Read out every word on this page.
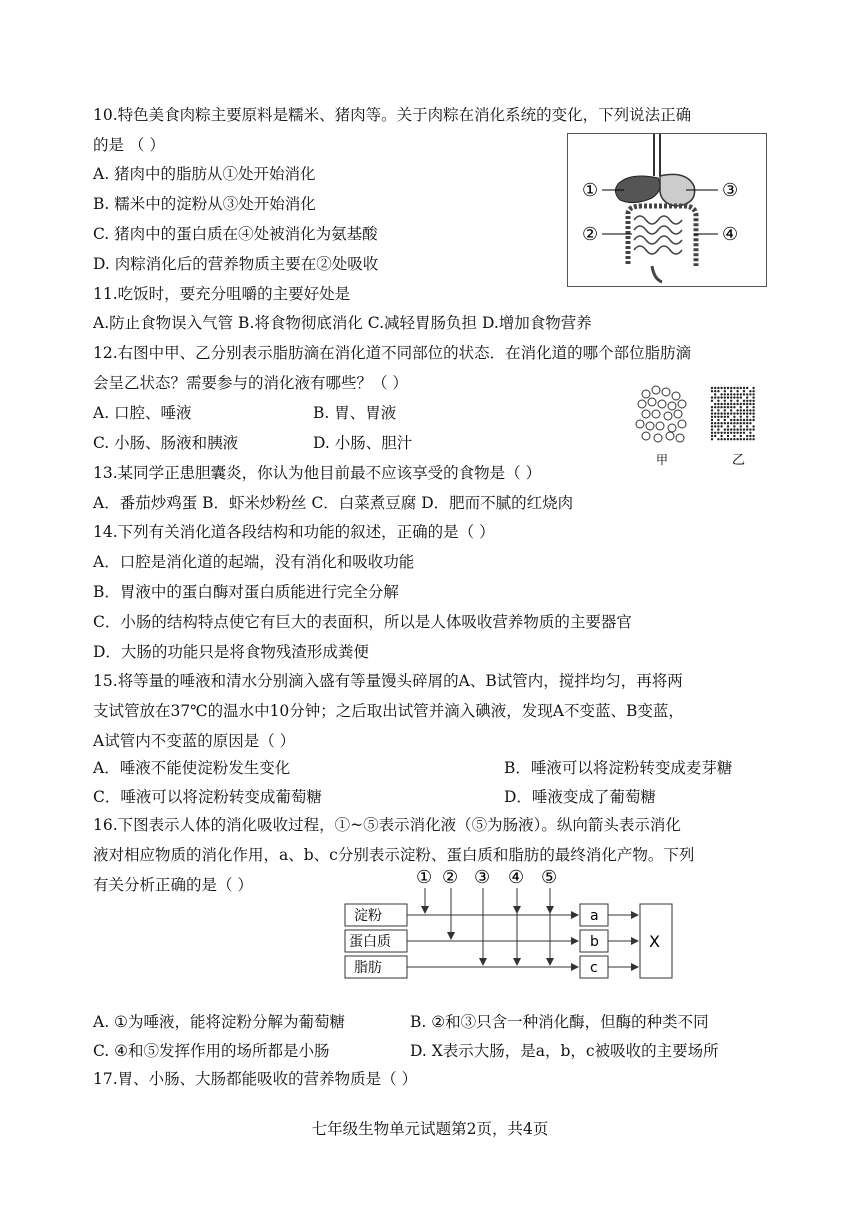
10.特色美食肉粽主要原料是糯米、猪肉等。关于肉粽在消化系统的变化，下列说法正确
的是 （ ）
A. 猪肉中的脂肪从①处开始消化
B. 糯米中的淀粉从③处开始消化
C. 猪肉中的蛋白质在④处被消化为氨基酸
D. 肉粽消化后的营养物质主要在②处吸收
①
②
③
④
11.吃饭时，要充分咀嚼的主要好处是
A.防止食物误入气管 B.将食物彻底消化 C.减轻胃肠负担 D.增加食物营养
12.右图中甲、乙分别表示脂肪滴在消化道不同部位的状态．在消化道的哪个部位脂肪滴
会呈乙状态？需要参与的消化液有哪些？（ ）
A. 口腔、唾液	B. 胃、胃液
C. 小肠、肠液和胰液	D. 小肠、胆汁
甲	乙
13.某同学正患胆囊炎，你认为他目前最不应该享受的食物是（ ）
A．番茄炒鸡蛋 B．虾米炒粉丝 C．白菜煮豆腐 D．肥而不腻的红烧肉
14.下列有关消化道各段结构和功能的叙述，正确的是（ ）
A．口腔是消化道的起端，没有消化和吸收功能
B．胃液中的蛋白酶对蛋白质能进行完全分解
C．小肠的结构特点使它有巨大的表面积，所以是人体吸收营养物质的主要器官
D．大肠的功能只是将食物残渣形成粪便
15.将等量的唾液和清水分别滴入盛有等量馒头碎屑的A、B试管内，搅拌均匀，再将两
支试管放在37℃的温水中10分钟；之后取出试管并滴入碘液，发现A不变蓝、B变蓝，
A试管内不变蓝的原因是（ ）
A．唾液不能使淀粉发生变化	B．唾液可以将淀粉转变成麦芽糖
C．唾液可以将淀粉转变成葡萄糖	D．唾液变成了葡萄糖
16.下图表示人体的消化吸收过程，①~⑤表示消化液（⑤为肠液）。纵向箭头表示消化
液对相应物质的消化作用，a、b、c分别表示淀粉、蛋白质和脂肪的最终消化产物。下列
有关分析正确的是（ ）
淀粉
蛋白质
脂肪
① ② ③ ④ ⑤
a
b
c
X
A. ①为唾液，能将淀粉分解为葡萄糖	B. ②和③只含一种消化酶，但酶的种类不同
C. ④和⑤发挥作用的场所都是小肠	D. X表示大肠，是a，b，c被吸收的主要场所
17.胃、小肠、大肠都能吸收的营养物质是（ ）
七年级生物单元试题第2页，共4页
